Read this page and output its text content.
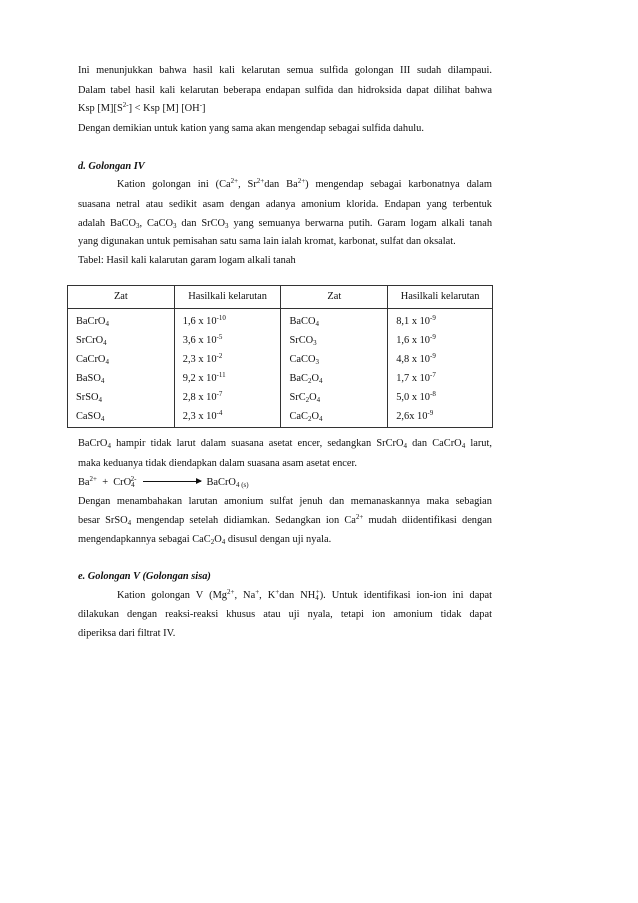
Ini menunjukkan bahwa hasil kali kelarutan semua sulfida golongan III sudah dilampaui.
Dalam tabel hasil kali kelarutan beberapa endapan sulfida dan hidroksida dapat dilihat bahwa
Ksp $[M][S^{2-}]$ < Ksp [M] [OH-]
Dengan demikian untuk kation yang sama akan mengendap sebagai sulfida dahulu.
d. Golongan IV
Kation golongan ini ($Ca^{2+}$, $Sr^{2+}dan$ $Ba^{2+}$) mengendap sebagai karbonatnya dalam
suasana netral atau sedikit asam dengan adanya amonium klorida. Endapan yang terbentuk
adalah BaCO$_3$, CaCO$_3$ dan SrCO$_3$ yang semuanya berwarna putih. Garam logam alkali tanah
yang digunakan untuk pemisahan satu sama lain ialah kromat, karbonat, sulfat dan oksalat.
Tabel: Hasil kali kalarutan garam logam alkali tanah
Zat	Hasilkali kelarutan	Zat	Hasilkali kelarutan
BaCrO$_4$	1,6 x $10^{-10}$	BaCO$_4$	8,1 x $10^{-9}$
SrCrO$_4$	3,6 x $10^{-5}$	SrCO$_3$	1,6 x $10^{-9}$
CaCrO$_4$	2,3 x $10^{-2}$	CaCO$_3$	4,8 x $10^{-9}$
BaSO$_4$	9,2 x $10^{-11}$	$BaC_2O_4$	1,7 x $10^{-7}$
SrSO$_4$	2,8 x $10^{-7}$	$SrC_2O_4$	5,0 x $10^{-8}$
CaSO$_4$	2,3 x $10^{-4}$	$CaC_2O_4$	2,6x $10^{-9}$
BaCrO$_4$ hampir tidak larut dalam suasana asetat encer, sedangkan SrCrO$_4$ dan CaCrO$_4$ larut,
maka keduanya tidak diendapkan dalam suasana asam asetat encer.
$Ba^{2+} + CrO_4^{2-}$	BaCrO$_{4 (s)}$
Dengan menambahakan larutan amonium sulfat jenuh dan memanaskannya maka sebagian
besar SrSO$_4$ mengendap setelah didiamkan. Sedangkan ion $Ca^{2+}$ mudah diidentifikasi dengan
mengendapkannya sebagai $CaC_2O_4$ disusul dengan uji nyala.
e. Golongan V (Golongan sisa)
Kation golongan V ($Mg^{2+}$, Na+, K+dan $NH_4^+$). Untuk identifikasi ion-ion ini dapat
dilakukan dengan reaksi-reaksi khusus atau uji nyala, tetapi ion amonium tidak dapat
diperiksa dari filtrat IV.
